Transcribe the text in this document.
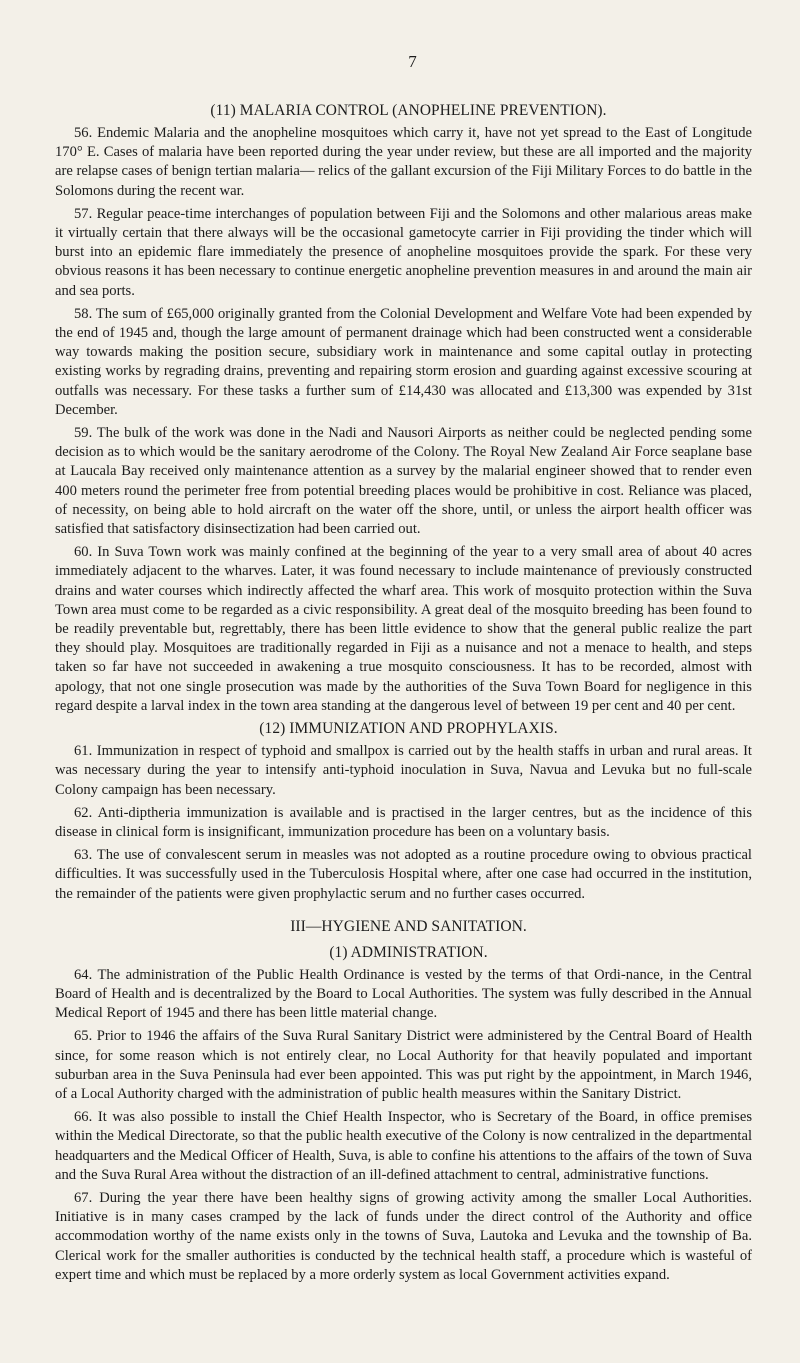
7
(11) MALARIA CONTROL (ANOPHELINE PREVENTION).

56. Endemic Malaria and the anopheline mosquitoes which carry it, have not yet spread to the East of Longitude 170° E. Cases of malaria have been reported during the year under review, but these are all imported and the majority are relapse cases of benign tertian malaria— relics of the gallant excursion of the Fiji Military Forces to do battle in the Solomons during the recent war.

57. Regular peace-time interchanges of population between Fiji and the Solomons and other malarious areas make it virtually certain that there always will be the occasional gametocyte carrier in Fiji providing the tinder which will burst into an epidemic flare immediately the presence of anopheline mosquitoes provide the spark. For these very obvious reasons it has been necessary to continue energetic anopheline prevention measures in and around the main air and sea ports.

58. The sum of £65,000 originally granted from the Colonial Development and Welfare Vote had been expended by the end of 1945 and, though the large amount of permanent drainage which had been constructed went a considerable way towards making the position secure, subsidiary work in maintenance and some capital outlay in protecting existing works by regrading drains, preventing and repairing storm erosion and guarding against excessive scouring at outfalls was necessary. For these tasks a further sum of £14,430 was allocated and £13,300 was expended by 31st December.

59. The bulk of the work was done in the Nadi and Nausori Airports as neither could be neglected pending some decision as to which would be the sanitary aerodrome of the Colony. The Royal New Zealand Air Force seaplane base at Laucala Bay received only maintenance attention as a survey by the malarial engineer showed that to render even 400 meters round the perimeter free from potential breeding places would be prohibitive in cost. Reliance was placed, of necessity, on being able to hold aircraft on the water off the shore, until, or unless the airport health officer was satisfied that satisfactory disinsectization had been carried out.

60. In Suva Town work was mainly confined at the beginning of the year to a very small area of about 40 acres immediately adjacent to the wharves. Later, it was found necessary to include maintenance of previously constructed drains and water courses which indirectly affected the wharf area. This work of mosquito protection within the Suva Town area must come to be regarded as a civic responsibility. A great deal of the mosquito breeding has been found to be readily preventable but, regrettably, there has been little evidence to show that the general public realize the part they should play. Mosquitoes are traditionally regarded in Fiji as a nuisance and not a menace to health, and steps taken so far have not succeeded in awakening a true mosquito consciousness. It has to be recorded, almost with apology, that not one single prosecution was made by the authorities of the Suva Town Board for negligence in this regard despite a larval index in the town area standing at the dangerous level of between 19 per cent and 40 per cent.

(12) IMMUNIZATION AND PROPHYLAXIS.

61. Immunization in respect of typhoid and smallpox is carried out by the health staffs in urban and rural areas. It was necessary during the year to intensify anti-typhoid inoculation in Suva, Navua and Levuka but no full-scale Colony campaign has been necessary.

62. Anti-diptheria immunization is available and is practised in the larger centres, but as the incidence of this disease in clinical form is insignificant, immunization procedure has been on a voluntary basis.

63. The use of convalescent serum in measles was not adopted as a routine procedure owing to obvious practical difficulties. It was successfully used in the Tuberculosis Hospital where, after one case had occurred in the institution, the remainder of the patients were given prophylactic serum and no further cases occurred.

III—HYGIENE AND SANITATION.
(1) ADMINISTRATION.

64. The administration of the Public Health Ordinance is vested by the terms of that Ordi-nance, in the Central Board of Health and is decentralized by the Board to Local Authorities. The system was fully described in the Annual Medical Report of 1945 and there has been little material change.

65. Prior to 1946 the affairs of the Suva Rural Sanitary District were administered by the Central Board of Health since, for some reason which is not entirely clear, no Local Authority for that heavily populated and important suburban area in the Suva Peninsula had ever been appointed. This was put right by the appointment, in March 1946, of a Local Authority charged with the administration of public health measures within the Sanitary District.

66. It was also possible to install the Chief Health Inspector, who is Secretary of the Board, in office premises within the Medical Directorate, so that the public health executive of the Colony is now centralized in the departmental headquarters and the Medical Officer of Health, Suva, is able to confine his attentions to the affairs of the town of Suva and the Suva Rural Area without the distraction of an ill-defined attachment to central, administrative functions.

67. During the year there have been healthy signs of growing activity among the smaller Local Authorities. Initiative is in many cases cramped by the lack of funds under the direct control of the Authority and office accommodation worthy of the name exists only in the towns of Suva, Lautoka and Levuka and the township of Ba. Clerical work for the smaller authorities is conducted by the technical health staff, a procedure which is wasteful of expert time and which must be replaced by a more orderly system as local Government activities expand.
